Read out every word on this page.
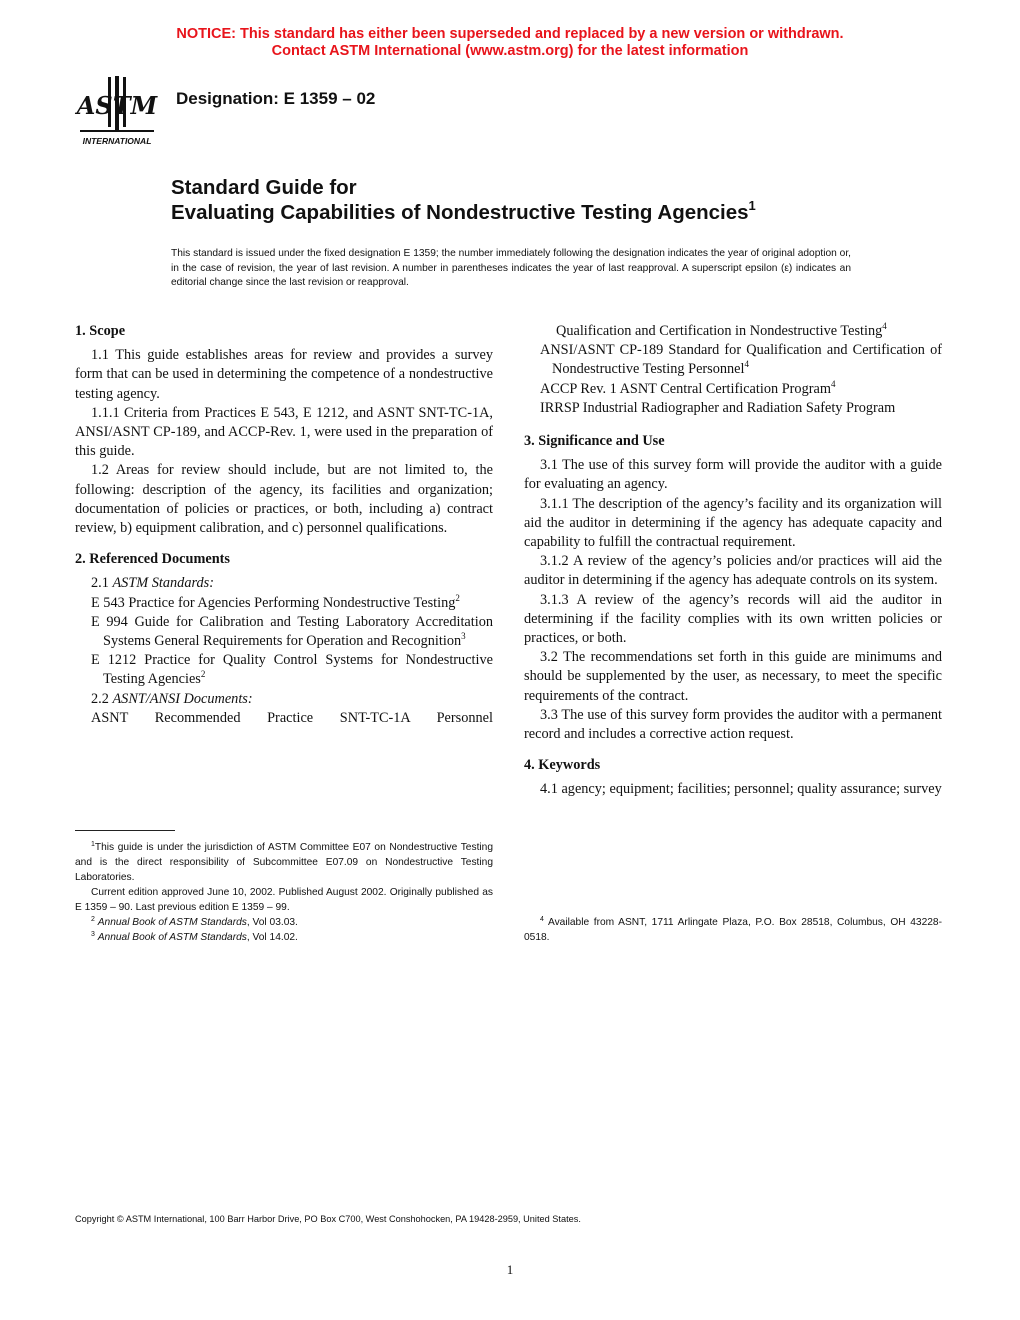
NOTICE: This standard has either been superseded and replaced by a new version or withdrawn.
Contact ASTM International (www.astm.org) for the latest information
ASTM
INTERNATIONAL
Designation: E 1359 – 02
Standard Guide for
Evaluating Capabilities of Nondestructive Testing Agencies$^1$
This standard is issued under the fixed designation E 1359; the number immediately following the designation indicates the year of original adoption or, in the case of revision, the year of last revision. A number in parentheses indicates the year of last reapproval. A superscript epsilon (ε) indicates an editorial change since the last revision or reapproval.

1. Scope

1.1 This guide establishes areas for review and provides a survey form that can be used in determining the competence of a nondestructive testing agency.

1.1.1 Criteria from Practices E 543, E 1212, and ASNT SNT-TC-1A, ANSI/ASNT CP-189, and ACCP-Rev. 1, were used in the preparation of this guide.

1.2 Areas for review should include, but are not limited to, the following: description of the agency, its facilities and organization; documentation of policies or practices, or both, including a) contract review, b) equipment calibration, and c) personnel qualifications.

2. Referenced Documents

2.1 ASTM Standards:

E 543 Practice for Agencies Performing Nondestructive Testing$^2$

E 994 Guide for Calibration and Testing Laboratory Accreditation Systems General Requirements for Operation and Recognition$^3$

E 1212 Practice for Quality Control Systems for Nondestructive Testing Agencies$^2$

2.2 ASNT/ANSI Documents:

ASNT Recommended Practice SNT-TC-1A Personnel

Qualification and Certification in Nondestructive Testing$^4$

ANSI/ASNT CP-189 Standard for Qualification and Certification of Nondestructive Testing Personnel$^4$

ACCP Rev. 1 ASNT Central Certification Program$^4$

IRRSP Industrial Radiographer and Radiation Safety Program

3. Significance and Use

3.1 The use of this survey form will provide the auditor with a guide for evaluating an agency.

3.1.1 The description of the agency’s facility and its organization will aid the auditor in determining if the agency has adequate capacity and capability to fulfill the contractual requirement.

3.1.2 A review of the agency’s policies and/or practices will aid the auditor in determining if the agency has adequate controls on its system.

3.1.3 A review of the agency’s records will aid the auditor in determining if the facility complies with its own written policies or practices, or both.

3.2 The recommendations set forth in this guide are minimums and should be supplemented by the user, as necessary, to meet the specific requirements of the contract.

3.3 The use of this survey form provides the auditor with a permanent record and includes a corrective action request.

4. Keywords

4.1 agency; equipment; facilities; personnel; quality assurance; survey

$^1$This guide is under the jurisdiction of ASTM Committee E07 on Nondestructive Testing and is the direct responsibility of Subcommittee E07.09 on Nondestructive Testing Laboratories.

Current edition approved June 10, 2002. Published August 2002. Originally published as E 1359 – 90. Last previous edition E 1359 – 99.

$^2$ Annual Book of ASTM Standards, Vol 03.03.

$^3$ Annual Book of ASTM Standards, Vol 14.02.

$^4$ Available from ASNT, 1711 Arlingate Plaza, P.O. Box 28518, Columbus, OH 43228-0518.

Copyright © ASTM International, 100 Barr Harbor Drive, PO Box C700, West Conshohocken, PA 19428-2959, United States.
1
